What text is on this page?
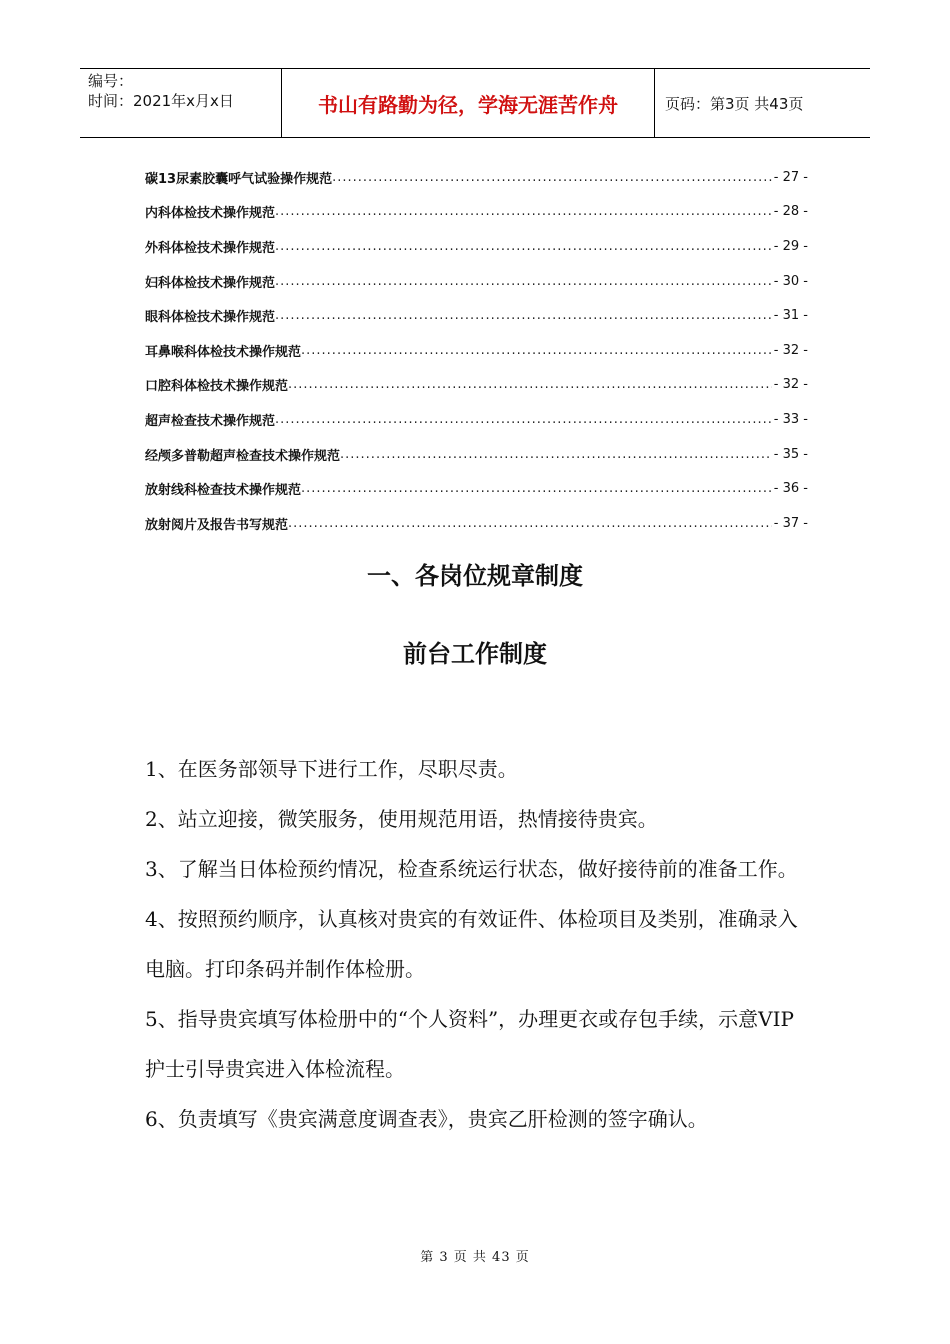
编号：
时间：2021年x月x日	书山有路勤为径，学海无涯苦作舟	页码：第3页 共43页
碳13尿素胶囊呼气试验操作规范 .....	- 27 -
内科体检技术操作规范 .....	- 28 -
外科体检技术操作规范 .....	- 29 -
妇科体检技术操作规范 .....	- 30 -
眼科体检技术操作规范 .....	- 31 -
耳鼻喉科体检技术操作规范 .....	- 32 -
口腔科体检技术操作规范 .....	- 32 -
超声检查技术操作规范 .....	- 33 -
经颅多普勒超声检查技术操作规范 .....	- 35 -
放射线科检查技术操作规范 .....	- 36 -
放射阅片及报告书写规范 .....	- 37 -
一、各岗位规章制度
前台工作制度

1、在医务部领导下进行工作，尽职尽责。

2、站立迎接，微笑服务，使用规范用语，热情接待贵宾。

3、了解当日体检预约情况，检查系统运行状态，做好接待前的准备工作。

4、按照预约顺序，认真核对贵宾的有效证件、体检项目及类别，准确录入电脑。打印条码并制作体检册。

5、指导贵宾填写体检册中的“个人资料”，办理更衣或存包手续，示意VIP护士引导贵宾进入体检流程。

6、负责填写《贵宾满意度调查表》，贵宾乙肝检测的签字确认。

第 3 页 共 43 页
